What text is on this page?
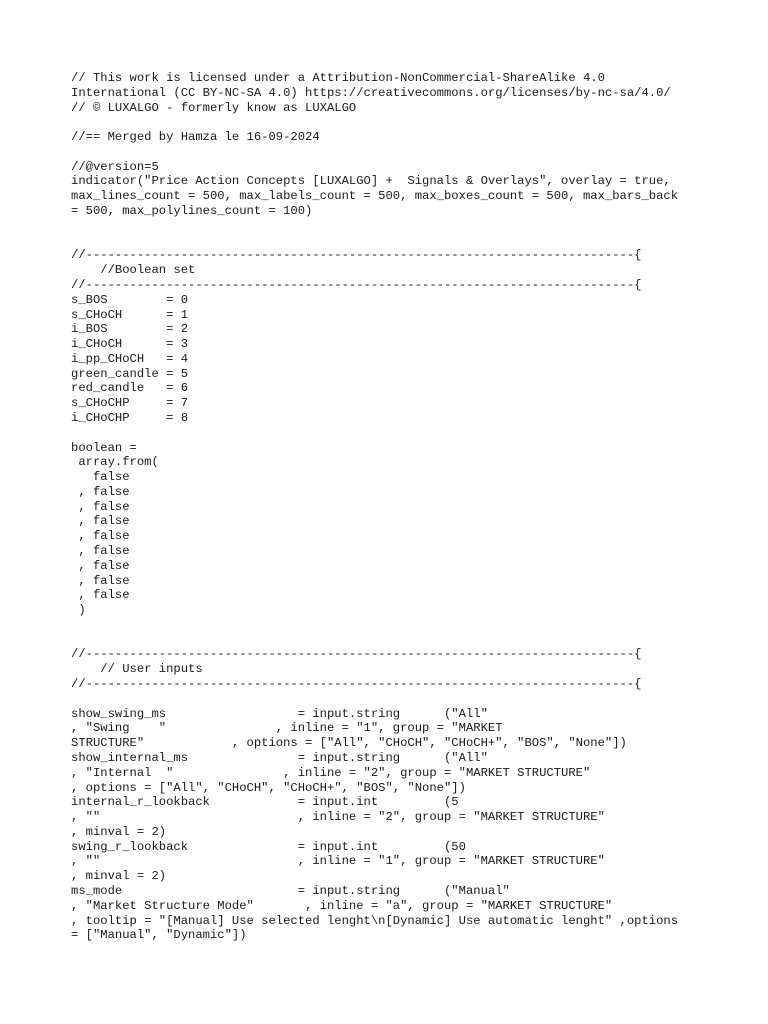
// This work is licensed under a Attribution-NonCommercial-ShareAlike 4.0
International (CC BY-NC-SA 4.0) https://creativecommons.org/licenses/by-nc-sa/4.0/
// © LUXALGO - formerly know as LUXALGO

//== Merged by Hamza le 16-09-2024

//@version=5
indicator("Price Action Concepts [LUXALGO] +  Signals & Overlays", overlay = true,
max_lines_count = 500, max_labels_count = 500, max_boxes_count = 500, max_bars_back
= 500, max_polylines_count = 100)

//---------------------------------------------------------------------------{
//Boolean set
//---------------------------------------------------------------------------{
s_BOS        = 0
s_CHoCH      = 1
i_BOS        = 2
i_CHoCH      = 3
i_pp_CHoCH   = 4
green_candle = 5
red_candle   = 6
s_CHoCHP     = 7
i_CHoCHP     = 8

boolean =
array.from(
false
, false
, false
, false
, false
, false
, false
, false
, false
)

//---------------------------------------------------------------------------{
// User inputs
//---------------------------------------------------------------------------{

show_swing_ms                  = input.string      ("All"
, "Swing    "               , inline = "1", group = "MARKET
STRUCTURE"            , options = ["All", "CHoCH", "CHoCH+", "BOS", "None"])
show_internal_ms               = input.string      ("All"
, "Internal  "               , inline = "2", group = "MARKET STRUCTURE"
, options = ["All", "CHoCH", "CHoCH+", "BOS", "None"])
internal_r_lookback            = input.int         (5
, ""                           , inline = "2", group = "MARKET STRUCTURE"
, minval = 2)
swing_r_lookback               = input.int         (50
, ""                           , inline = "1", group = "MARKET STRUCTURE"
, minval = 2)
ms_mode                        = input.string      ("Manual"
, "Market Structure Mode"       , inline = "a", group = "MARKET STRUCTURE"
, tooltip = "[Manual] Use selected lenght\n[Dynamic] Use automatic lenght" ,options
= ["Manual", "Dynamic"])
